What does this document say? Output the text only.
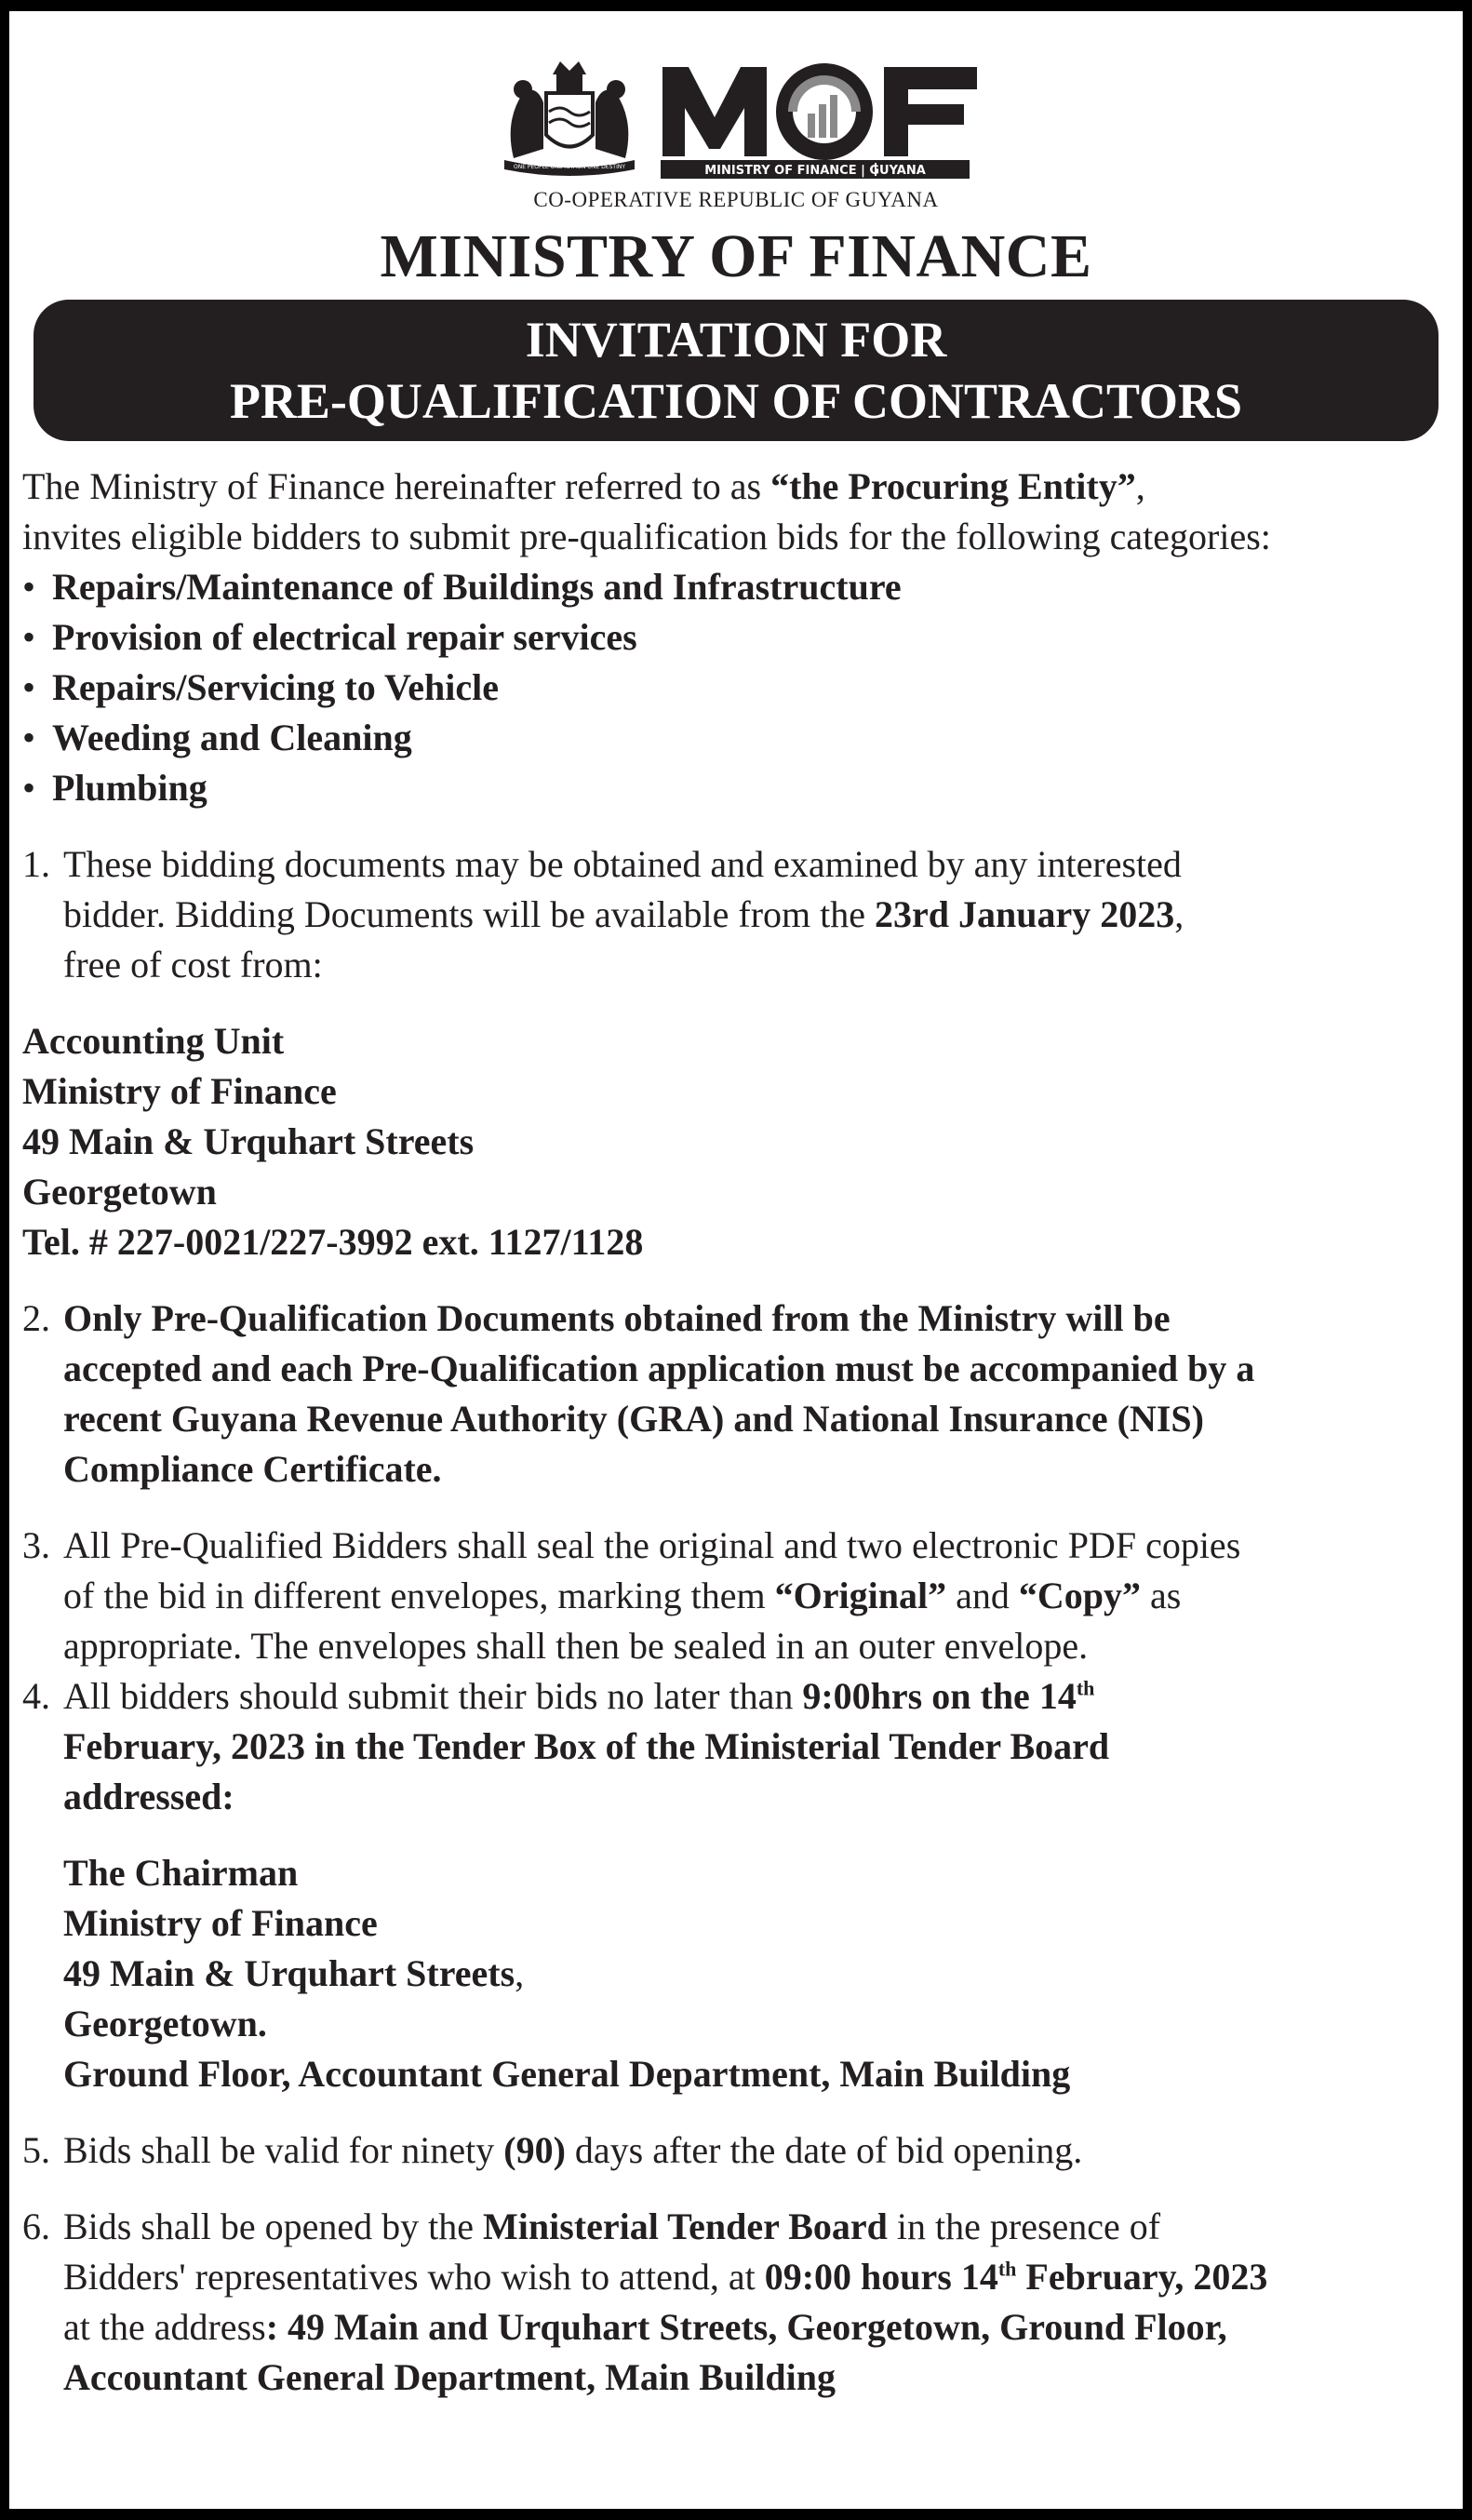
ONE PEOPLE ONE NATION ONE DESTINY	MINISTRY OF FINANCE | GUYANA
CO-OPERATIVE REPUBLIC OF GUYANA
MINISTRY OF FINANCE
INVITATION FOR
PRE-QUALIFICATION OF CONTRACTORS

The Ministry of Finance hereinafter referred to as “the Procuring Entity”,

invites eligible bidders to submit pre-qualification bids for the following categories:

• Repairs/Maintenance of Buildings and Infrastructure
• Provision of electrical repair services
• Repairs/Servicing to Vehicle
• Weeding and Cleaning
• Plumbing
1. These bidding documents may be obtained and examined by any interested

bidder. Bidding Documents will be available from the 23rd January 2023,

free of cost from:

Accounting Unit

Ministry of Finance

49 Main & Urquhart Streets

Georgetown

Tel. # 227-0021/227-3992 ext. 1127/1128

2. Only Pre-Qualification Documents obtained from the Ministry will be

accepted and each Pre-Qualification application must be accompanied by a

recent Guyana Revenue Authority (GRA) and National Insurance (NIS)

Compliance Certificate.

3. All Pre-Qualified Bidders shall seal the original and two electronic PDF copies

of the bid in different envelopes, marking them “Original” and “Copy” as

appropriate. The envelopes shall then be sealed in an outer envelope.

4. All bidders should submit their bids no later than 9:00hrs on the 14th

February, 2023 in the Tender Box of the Ministerial Tender Board

addressed:

The Chairman

Ministry of Finance

49 Main & Urquhart Streets,

Georgetown.

Ground Floor, Accountant General Department, Main Building

5. Bids shall be valid for ninety (90) days after the date of bid opening.

6. Bids shall be opened by the Ministerial Tender Board in the presence of

Bidders' representatives who wish to attend, at 09:00 hours 14th February, 2023

at the address: 49 Main and Urquhart Streets, Georgetown, Ground Floor,

Accountant General Department, Main Building
